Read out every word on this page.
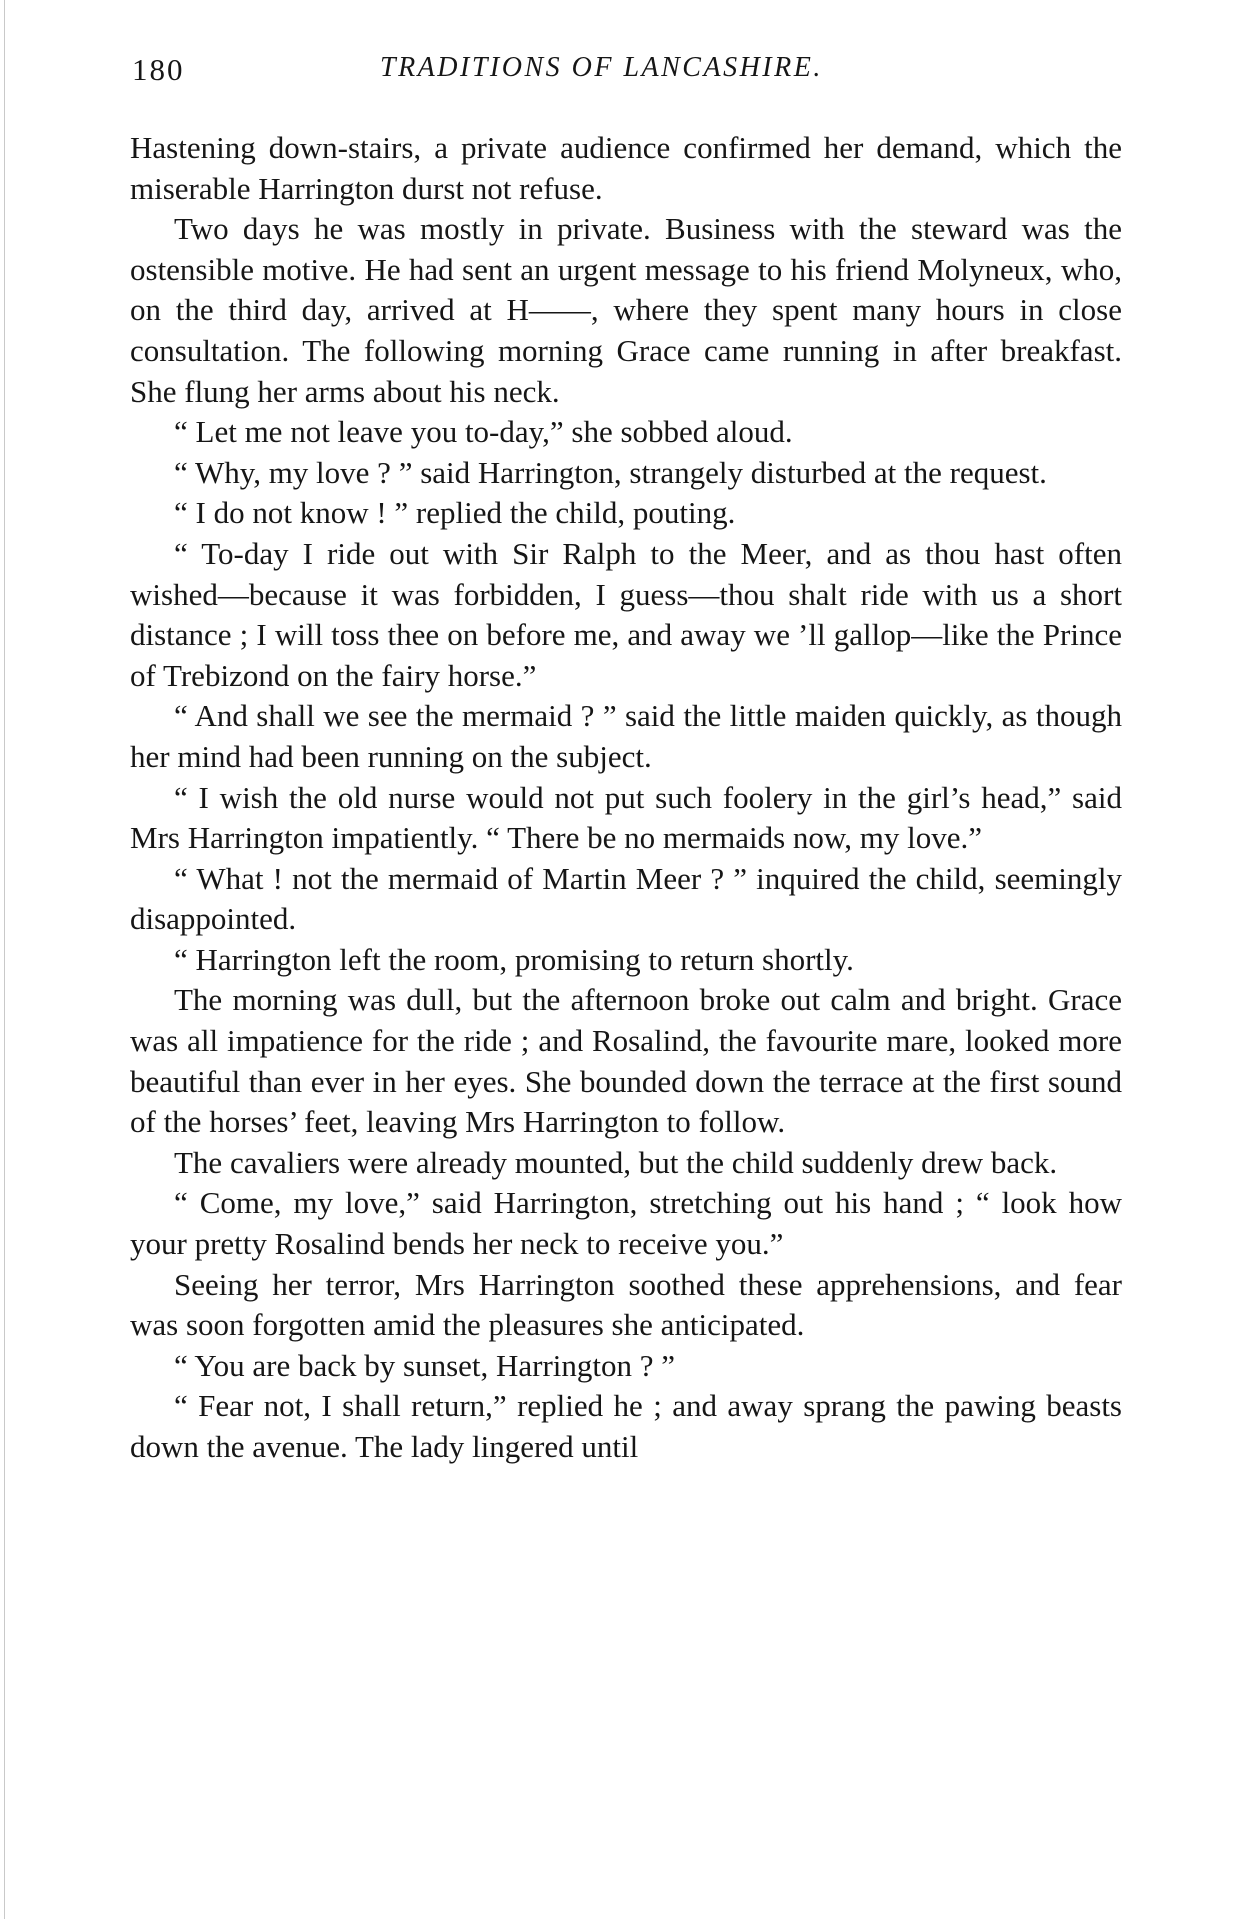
180	TRADITIONS OF LANCASHIRE.

Hastening down-stairs, a private audience confirmed her demand, which the miserable Harrington durst not refuse.

Two days he was mostly in private. Business with the steward was the ostensible motive. He had sent an urgent message to his friend Molyneux, who, on the third day, arrived at H——, where they spent many hours in close consultation. The following morning Grace came running in after breakfast. She flung her arms about his neck.

“ Let me not leave you to-day,” she sobbed aloud.

“ Why, my love ? ” said Harrington, strangely disturbed at the request.

“ I do not know ! ” replied the child, pouting.

“ To-day I ride out with Sir Ralph to the Meer, and as thou hast often wished—because it was forbidden, I guess—thou shalt ride with us a short distance ; I will toss thee on before me, and away we ’ll gallop—like the Prince of Trebizond on the fairy horse.”

“ And shall we see the mermaid ? ” said the little maiden quickly, as though her mind had been running on the subject.

“ I wish the old nurse would not put such foolery in the girl’s head,” said Mrs Harrington impatiently. “ There be no mermaids now, my love.”

“ What ! not the mermaid of Martin Meer ? ” inquired the child, seemingly disappointed.

“ Harrington left the room, promising to return shortly.

The morning was dull, but the afternoon broke out calm and bright. Grace was all impatience for the ride ; and Rosalind, the favourite mare, looked more beautiful than ever in her eyes. She bounded down the terrace at the first sound of the horses’ feet, leaving Mrs Harrington to follow.

The cavaliers were already mounted, but the child suddenly drew back.

“ Come, my love,” said Harrington, stretching out his hand ; “ look how your pretty Rosalind bends her neck to receive you.”

Seeing her terror, Mrs Harrington soothed these apprehensions, and fear was soon forgotten amid the pleasures she anticipated.

“ You are back by sunset, Harrington ? ”

“ Fear not, I shall return,” replied he ; and away sprang the pawing beasts down the avenue. The lady lingered until
